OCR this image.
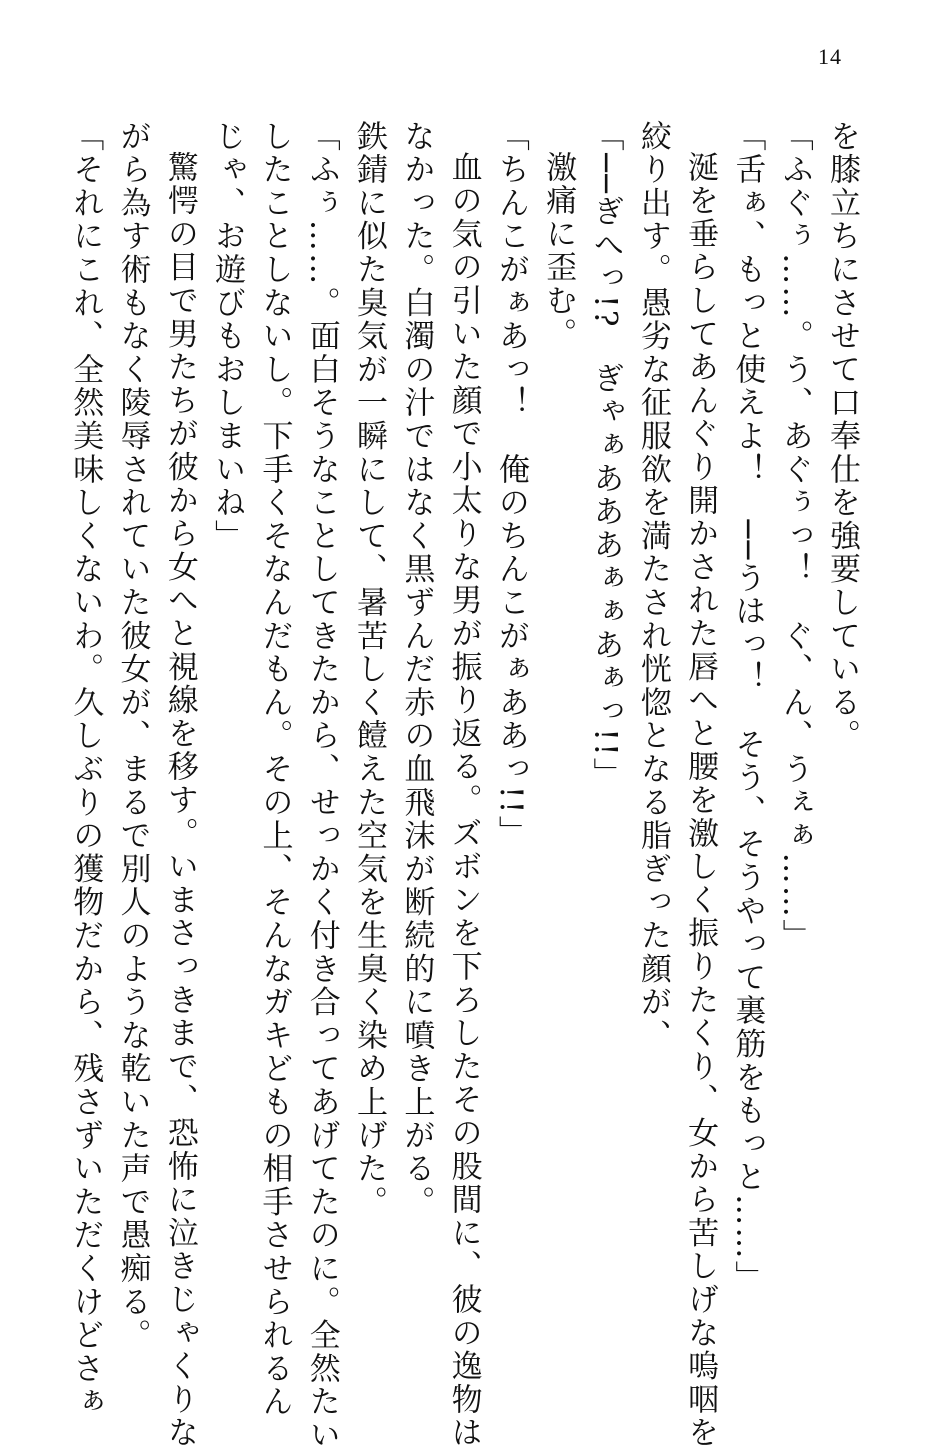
14

を膝立ちにさせて口奉仕を強要している。

「ふぐぅ……。う、あぐぅっ！　ぐ、ん、うぇぁ……」

「舌ぁ、もっと使えよ！　──うはっ！　そう、そうやって裏筋をもっと……」

涎を垂らしてあんぐり開かされた唇へと腰を激しく振りたくり、女から苦しげな嗚咽を

絞り出す。愚劣な征服欲を満たされ恍惚となる脂ぎった顔が、

「──ぎへっ!?　ぎゃぁあああぁぁあぁっ!!」

激痛に歪む。

「ちんこがぁあっ！　俺のちんこがぁああっ!!」

血の気の引いた顔で小太りな男が振り返る。ズボンを下ろしたその股間に、彼の逸物は

なかった。白濁の汁ではなく黒ずんだ赤の血飛沫が断続的に噴き上がる。

鉄錆に似た臭気が一瞬にして、暑苦しく饐えた空気を生臭く染め上げた。

「ふぅ……。面白そうなことしてきたから、せっかく付き合ってあげてたのに。全然たい

したことしないし。下手くそなんだもん。その上、そんなガキどもの相手させられるん

じゃ、お遊びもおしまいね」

驚愕の目で男たちが彼から女へと視線を移す。いまさっきまで、恐怖に泣きじゃくりな

がら為す術もなく陵辱されていた彼女が、まるで別人のような乾いた声で愚痴る。

「それにこれ、全然美味しくないわ。久しぶりの獲物だから、残さずいただくけどさぁ
